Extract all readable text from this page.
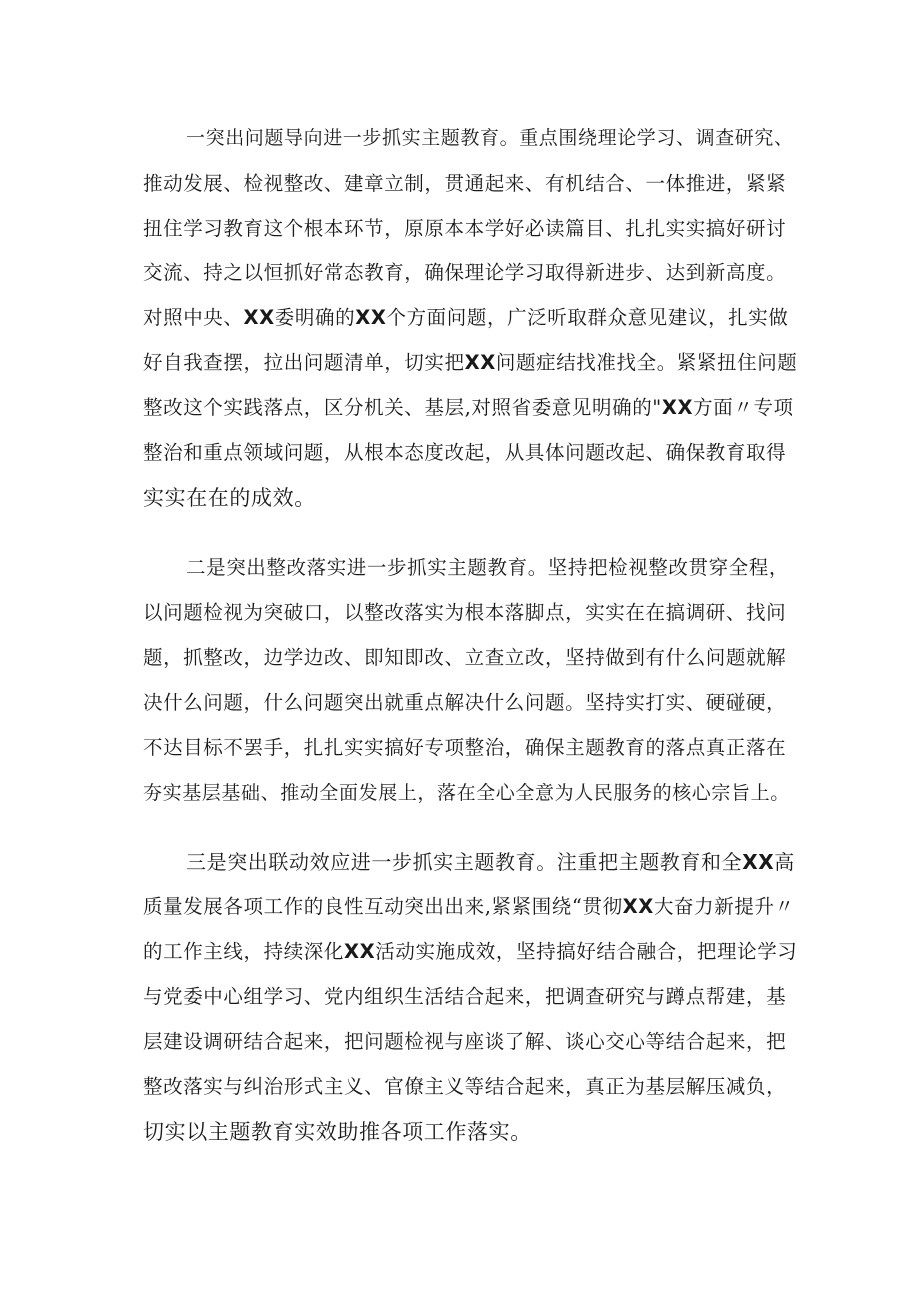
一突出问题导向进一步抓实主题教育。重点围绕理论学习、调查研究、
推动发展、检视整改、建章立制，贯通起来、有机结合、一体推进，紧紧
扭住学习教育这个根本环节，原原本本学好必读篇目、扎扎实实搞好研讨
交流、持之以恒抓好常态教育，确保理论学习取得新进步、达到新高度。
对照中央、XX委明确的XX个方面问题，广泛听取群众意见建议，扎实做
好自我查摆，拉出问题清单，切实把XX问题症结找准找全。紧紧扭住问题
整改这个实践落点，区分机关、基层,对照省委意见明确的"XX方面〃专项
整治和重点领域问题，从根本态度改起，从具体问题改起、确保教育取得
实实在在的成效。
二是突出整改落实进一步抓实主题教育。坚持把检视整改贯穿全程，
以问题检视为突破口，以整改落实为根本落脚点，实实在在搞调研、找问
题，抓整改，边学边改、即知即改、立查立改，坚持做到有什么问题就解
决什么问题，什么问题突出就重点解决什么问题。坚持实打实、硬碰硬，
不达目标不罢手，扎扎实实搞好专项整治，确保主题教育的落点真正落在
夯实基层基础、推动全面发展上，落在全心全意为人民服务的核心宗旨上。
三是突出联动效应进一步抓实主题教育。注重把主题教育和全XX高
质量发展各项工作的良性互动突出出来,紧紧围绕“贯彻XX大奋力新提升〃
的工作主线，持续深化XX活动实施成效，坚持搞好结合融合，把理论学习
与党委中心组学习、党内组织生活结合起来，把调查研究与蹲点帮建，基
层建设调研结合起来，把问题检视与座谈了解、谈心交心等结合起来，把
整改落实与纠治形式主义、官僚主义等结合起来，真正为基层解压减负，
切实以主题教育实效助推各项工作落实。
